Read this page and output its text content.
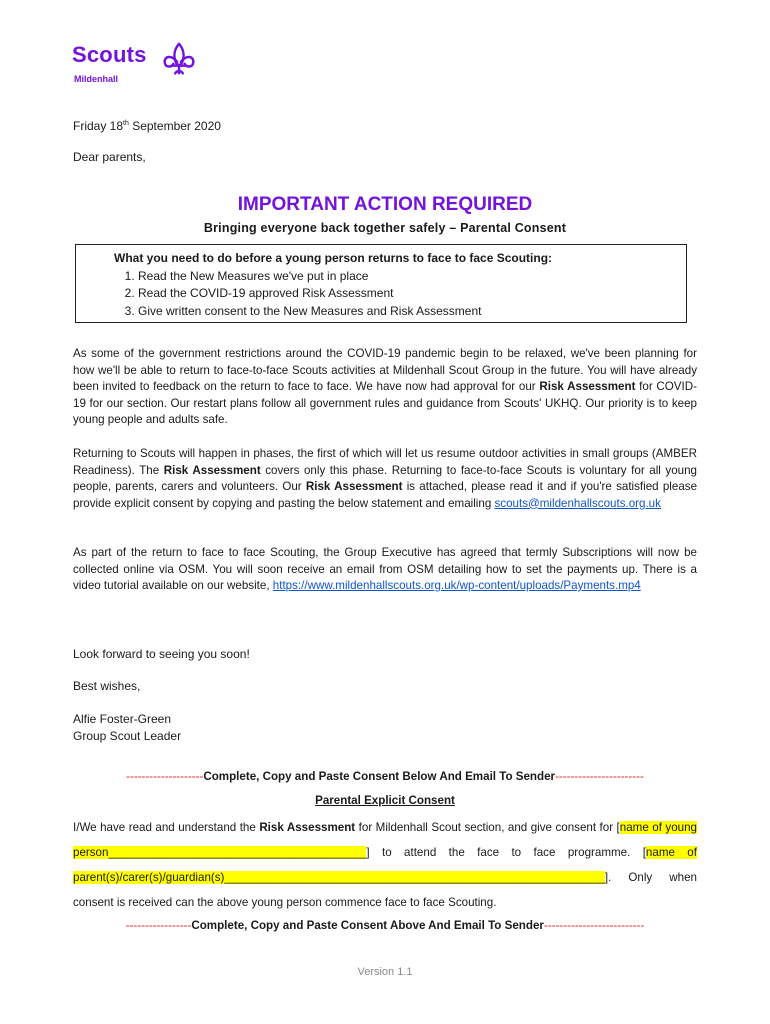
Scouts
Mildenhall
Friday 18th September 2020
Dear parents,
IMPORTANT ACTION REQUIRED
Bringing everyone back together safely – Parental Consent
What you need to do before a young person returns to face to face Scouting:
1. Read the New Measures we've put in place
2. Read the COVID-19 approved Risk Assessment
3. Give written consent to the New Measures and Risk Assessment
As some of the government restrictions around the COVID-19 pandemic begin to be relaxed, we've been planning for how we'll be able to return to face-to-face Scouts activities at Mildenhall Scout Group in the future. You will have already been invited to feedback on the return to face to face. We have now had approval for our Risk Assessment for COVID-19 for our section. Our restart plans follow all government rules and guidance from Scouts' UKHQ. Our priority is to keep young people and adults safe.
Returning to Scouts will happen in phases, the first of which will let us resume outdoor activities in small groups (AMBER Readiness). The Risk Assessment covers only this phase. Returning to face-to-face Scouts is voluntary for all young people, parents, carers and volunteers. Our Risk Assessment is attached, please read it and if you're satisfied please provide explicit consent by copying and pasting the below statement and emailing scouts@mildenhallscouts.org.uk
As part of the return to face to face Scouting, the Group Executive has agreed that termly Subscriptions will now be collected online via OSM. You will soon receive an email from OSM detailing how to set the payments up. There is a video tutorial available on our website, https://www.mildenhallscouts.org.uk/wp-content/uploads/Payments.mp4
Look forward to seeing you soon!
Best wishes,
Alfie Foster-Green
Group Scout Leader
--------------------Complete, Copy and Paste Consent Below And Email To Sender-----------------------
Parental Explicit Consent
I/We have read and understand the Risk Assessment for Mildenhall Scout section, and give consent for [name of young person________________________________________] to attend the face to face programme. [name of parent(s)/carer(s)/guardian(s)___________________________________________________________]. Only when consent is received can the above young person commence face to face Scouting.
-----------------Complete, Copy and Paste Consent Above And Email To Sender--------------------------
Version 1.1
